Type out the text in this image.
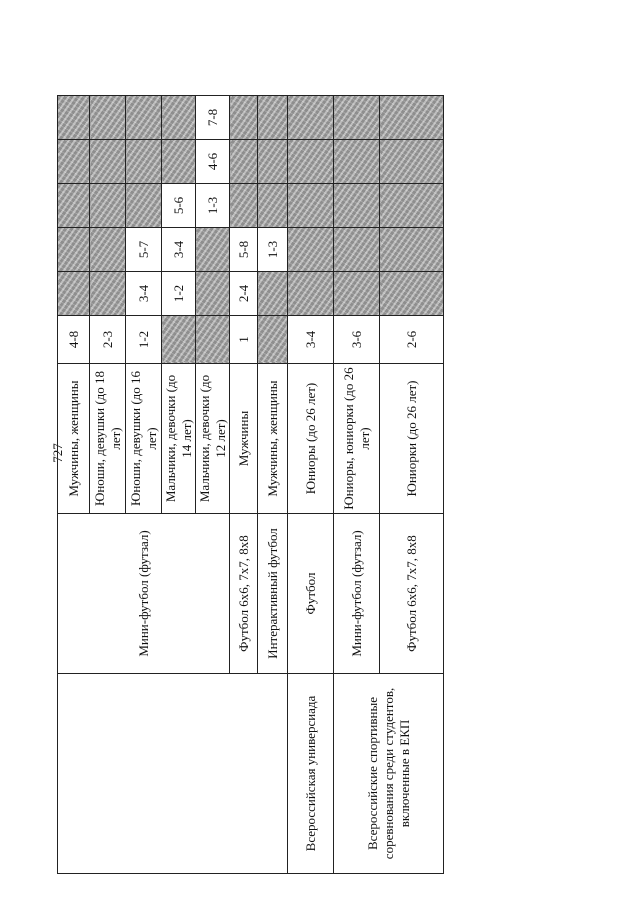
727
	Мини-футбол (футзал)	Мужчины, женщины	4-8					
		Юноши, девушки (до 18 лет)	2-3					
		Юноши, девушки (до 16 лет)	1-2	3-4	5-7			
		Мальчики, девочки (до 14 лет)		1-2	3-4	5-6		
		Мальчики, девочки (до 12 лет)				1-3	4-6	7-8
	Футбол 6х6, 7х7, 8х8	Мужчины	1	2-4	5-8			
	Интерактивный футбол	Мужчины, женщины			1-3			
Всероссийская универсиада	Футбол	Юниоры (до 26 лет)	3-4					
Всероссийские спортивные соревнования среди студентов, включенные в ЕКП	Мини-футбол (футзал)	Юниоры, юниорки (до 26 лет)	3-6					
	Футбол 6х6, 7х7, 8х8	Юниорки (до 26 лет)	2-6					
